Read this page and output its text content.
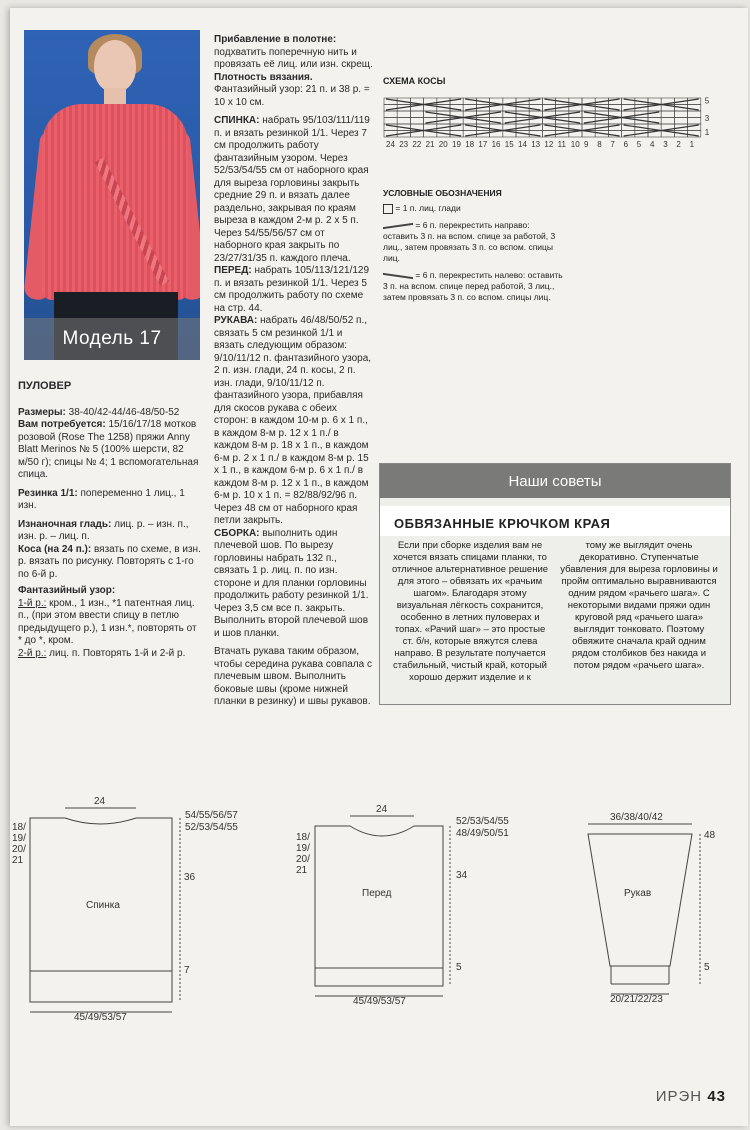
Модель 17
ПУЛОВЕР
Размеры: 38-40/42-44/46-48/50-52
Вам потребуется: 15/16/17/18 мотков розовой (Rose The 1258) пряжи Anny Blatt Merinos № 5 (100% шерсти, 82 м/50 г); спицы № 4; 1 вспомогательная спица.
Резинка 1/1: попеременно 1 лиц., 1 изн.
Изнаночная гладь: лиц. р. – изн. п., изн. р. – лиц. п.
Коса (на 24 п.): вязать по схеме, в изн. р. вязать по рисунку. Повторять с 1-го по 6-й р.
Фантазийный узор:
1-й р.: кром., 1 изн., *1 патентная лиц. п., (при этом ввести спицу в петлю предыдущего р.), 1 изн.*, повторять от * до *, кром.
2-й р.: лиц. п. Повторять 1-й и 2-й р.
Прибавление в полотне: подхватить поперечную нить и провязать её лиц. или изн. скрещ.
Плотность вязания. Фантазийный узор: 21 п. и 38 р. = 10 x 10 см.
СПИНКА: набрать 95/103/111/119 п. и вязать резинкой 1/1. Через 7 см продолжить работу фантазийным узором. Через 52/53/54/55 см от наборного края для выреза горловины закрыть средние 29 п. и вязать далее раздельно, закрывая по краям выреза в каждом 2-м р. 2 х 5 п. Через 54/55/56/57 см от наборного края закрыть по 23/27/31/35 п. каждого плеча.
ПЕРЕД: набрать 105/113/121/129 п. и вязать резинкой 1/1. Через 5 см продолжить работу по схеме на стр. 44.
РУКАВА: набрать 46/48/50/52 п., связать 5 см резинкой 1/1 и вязать следующим образом: 9/10/11/12 п. фантазийного узора, 2 п. изн. глади, 24 п. косы, 2 п. изн. глади, 9/10/11/12 п. фантазийного узора, прибавляя для скосов рукава с обеих сторон: в каждом 10-м р. 6 х 1 п., в каждом 8-м р. 12 х 1 п./ в каждом 8-м р. 18 х 1 п., в каждом 6-м р. 2 х 1 п./ в каждом 8-м р. 15 х 1 п., в каждом 6-м р. 6 х 1 п./ в каждом 8-м р. 12 х 1 п., в каждом 6-м р. 10 х 1 п. = 82/88/92/96 п. Через 48 см от наборного края петли закрыть.
СБОРКА: выполнить один плечевой шов. По вырезу горловины набрать 132 п., связать 1 р. лиц. п. по изн. стороне и для планки горловины продолжить работу резинкой 1/1. Через 3,5 см все п. закрыть. Выполнить второй плечевой шов и шов планки.
Втачать рукава таким образом, чтобы середина рукава совпала с плечевым швом. Выполнить боковые швы (кроме нижней планки в резинку) и швы рукавов.
СХЕМА КОСЫ
24 23 22 21 20 19 18 17 16 15 14 13 12 11 10 9 8 7 6 5 4 3 2 1
5
3
1
УСЛОВНЫЕ ОБОЗНАЧЕНИЯ
= 1 п. лиц. глади
= 6 п. перекрестить направо: оставить 3 п. на вспом. спице за работой, 3 лиц., затем провязать 3 п. со вспом. спицы лиц.
= 6 п. перекрестить налево: оставить 3 п. на вспом. спице перед работой, 3 лиц., затем провязать 3 п. со вспом. спицы лиц.
Наши советы
ОБВЯЗАННЫЕ КРЮЧКОМ КРАЯ
Если при сборке изделия вам не хочется вязать спицами планки, то отличное альтернативное решение для этого – обвязать их «рачьим шагом». Благодаря этому визуальная лёгкость сохранится, особенно в летних пуловерах и топах. «Рачий шаг» – это простые ст. б/н, которые вяжутся слева направо. В результате получается стабильный, чистый край, который хорошо держит изделие и к
тому же выглядит очень декоративно. Ступенчатые убавления для выреза горловины и пройм оптимально выравниваются одним рядом «рачьего шага». С некоторыми видами пряжи один круговой ряд «рачьего шага» выглядит тонковато. Поэтому обвяжите сначала край одним рядом столбиков без накида и потом рядом «рачьего шага».
Спинка
24
54/55/56/57
52/53/54/55
36
7
45/49/53/57
18/ 19/ 20/ 21
Перед
24
52/53/54/55
48/49/50/51
34
5
45/49/53/57
18/ 19/ 20/ 21
Рукав
36/38/40/42
48
5
20/21/22/23
ИРЭН 43
